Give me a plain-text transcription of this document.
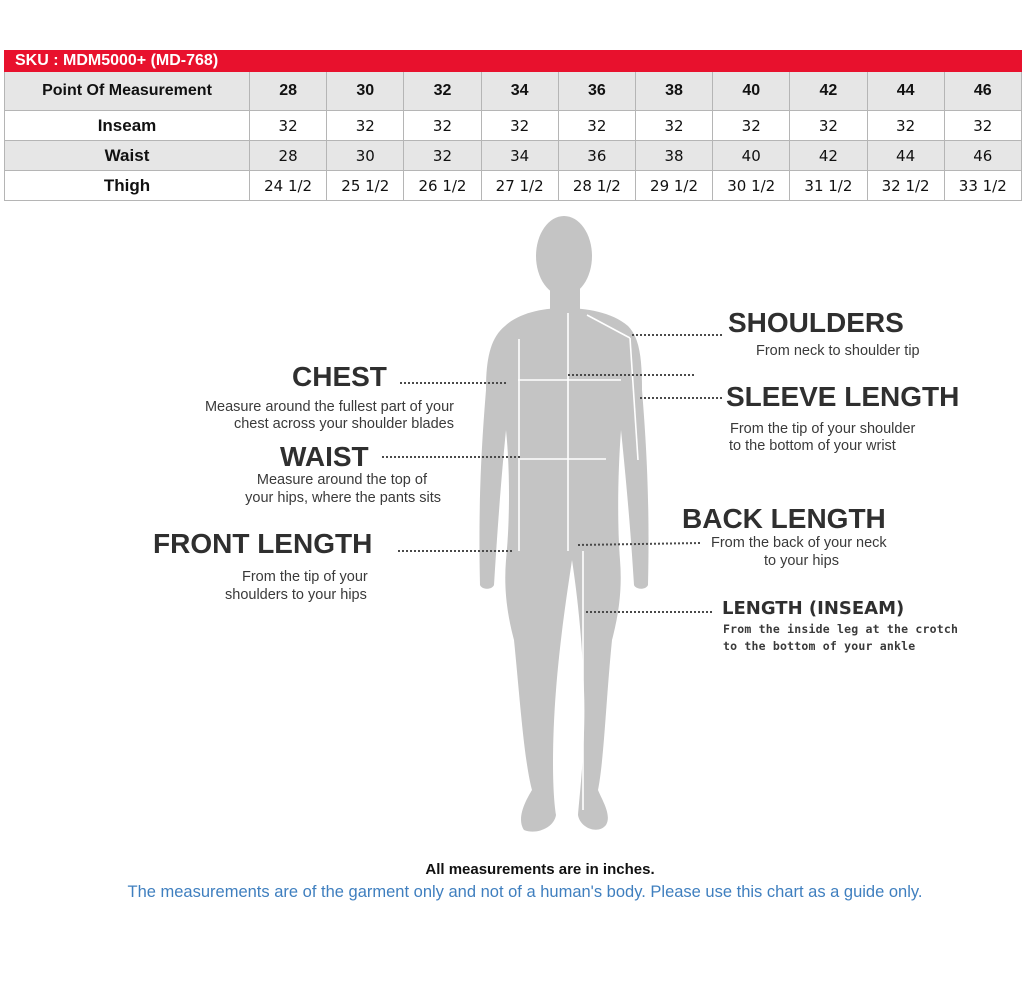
SKU : MDM5000+ (MD-768)										
Point Of Measurement	28	30	32	34	36	38	40	42	44	46
Inseam	32	32	32	32	32	32	32	32	32	32
Waist	28	30	32	34	36	38	40	42	44	46
Thigh	24 1/2	25 1/2	26 1/2	27 1/2	28 1/2	29 1/2	30 1/2	31 1/2	32 1/2	33 1/2
CHEST
Measure around the fullest part of your
chest across your shoulder blades
WAIST
Measure around the top of
your hips, where the pants sits
FRONT LENGTH
From the tip of your
shoulders to your hips
SHOULDERS
From neck to shoulder tip
SLEEVE LENGTH
From the tip of your shoulder
to the bottom of your wrist
BACK LENGTH
From the back of your neck
to your hips
LENGTH (INSEAM)
From the inside leg at the crotch
to the bottom of your ankle
All measurements are in inches.
The measurements are of the garment only and not of a human's body. Please use this chart as a guide only.
